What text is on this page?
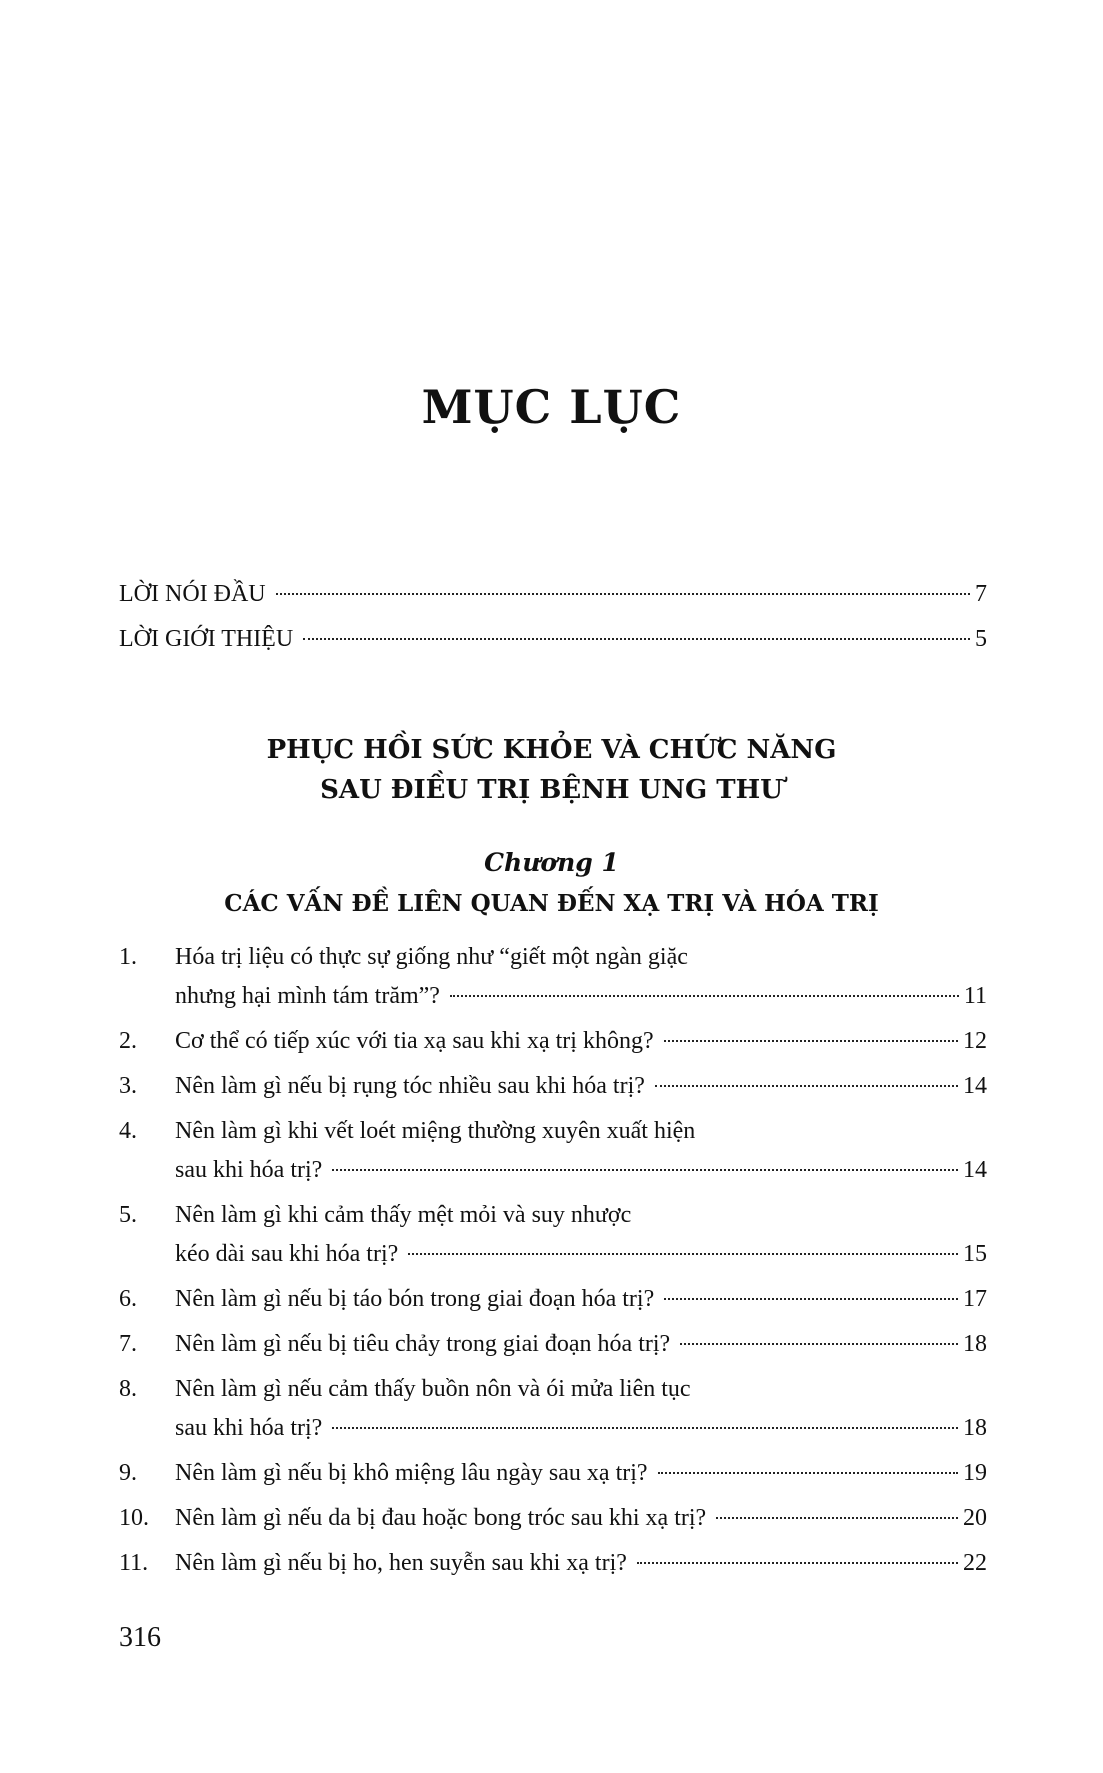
MỤC LỤC
LỜI NÓI ĐẦU	7
LỜI GIỚI THIỆU	5
PHỤC HỒI SỨC KHỎE VÀ CHỨC NĂNG
SAU ĐIỀU TRỊ BỆNH UNG THƯ
Chương 1
CÁC VẤN ĐỀ LIÊN QUAN ĐẾN XẠ TRỊ VÀ HÓA TRỊ
1.	Hóa trị liệu có thực sự giống như “giết một ngàn giặc
nhưng hại mình tám trăm”?	11
2.	Cơ thể có tiếp xúc với tia xạ sau khi xạ trị không?	12
3.	Nên làm gì nếu bị rụng tóc nhiều sau khi hóa trị?	14
4.	Nên làm gì khi vết loét miệng thường xuyên xuất hiện
sau khi hóa trị?	14
5.	Nên làm gì khi cảm thấy mệt mỏi và suy nhược
kéo dài sau khi hóa trị?	15
6.	Nên làm gì nếu bị táo bón trong giai đoạn hóa trị?	17
7.	Nên làm gì nếu bị tiêu chảy trong giai đoạn hóa trị?	18
8.	Nên làm gì nếu cảm thấy buồn nôn và ói mửa liên tục
sau khi hóa trị?	18
9.	Nên làm gì nếu bị khô miệng lâu ngày sau xạ trị?	19
10.	Nên làm gì nếu da bị đau hoặc bong tróc sau khi xạ trị?	20
11.	Nên làm gì nếu bị ho, hen suyễn sau khi xạ trị?	22
316
